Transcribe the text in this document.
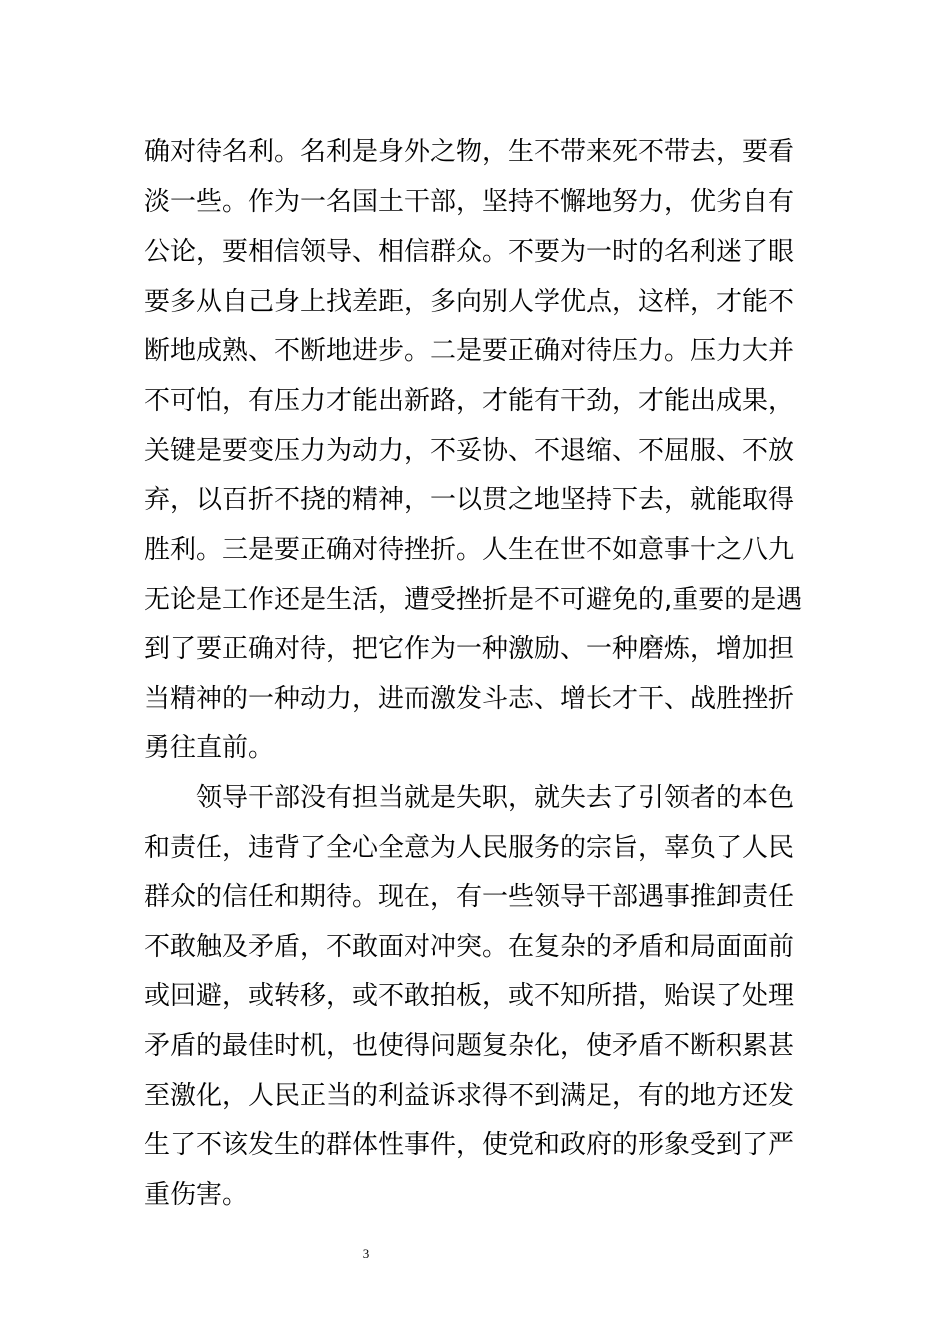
确对待名利。名利是身外之物，生不带来死不带去，要看
淡一些。作为一名国土干部，坚持不懈地努力，优劣自有
公论，要相信领导、相信群众。不要为一时的名利迷了眼
要多从自己身上找差距，多向别人学优点，这样，才能不
断地成熟、不断地进步。二是要正确对待压力。压力大并
不可怕，有压力才能出新路，才能有干劲，才能出成果，
关键是要变压力为动力，不妥协、不退缩、不屈服、不放
弃，以百折不挠的精神，一以贯之地坚持下去，就能取得
胜利。三是要正确对待挫折。人生在世不如意事十之八九
无论是工作还是生活，遭受挫折是不可避免的,重要的是遇
到了要正确对待，把它作为一种激励、一种磨炼，增加担
当精神的一种动力，进而激发斗志、增长才干、战胜挫折
勇往直前。
领导干部没有担当就是失职，就失去了引领者的本色
和责任，违背了全心全意为人民服务的宗旨，辜负了人民
群众的信任和期待。现在，有一些领导干部遇事推卸责任
不敢触及矛盾，不敢面对冲突。在复杂的矛盾和局面面前
或回避，或转移，或不敢拍板，或不知所措，贻误了处理
矛盾的最佳时机，也使得问题复杂化，使矛盾不断积累甚
至激化，人民正当的利益诉求得不到满足，有的地方还发
生了不该发生的群体性事件，使党和政府的形象受到了严
重伤害。
3
